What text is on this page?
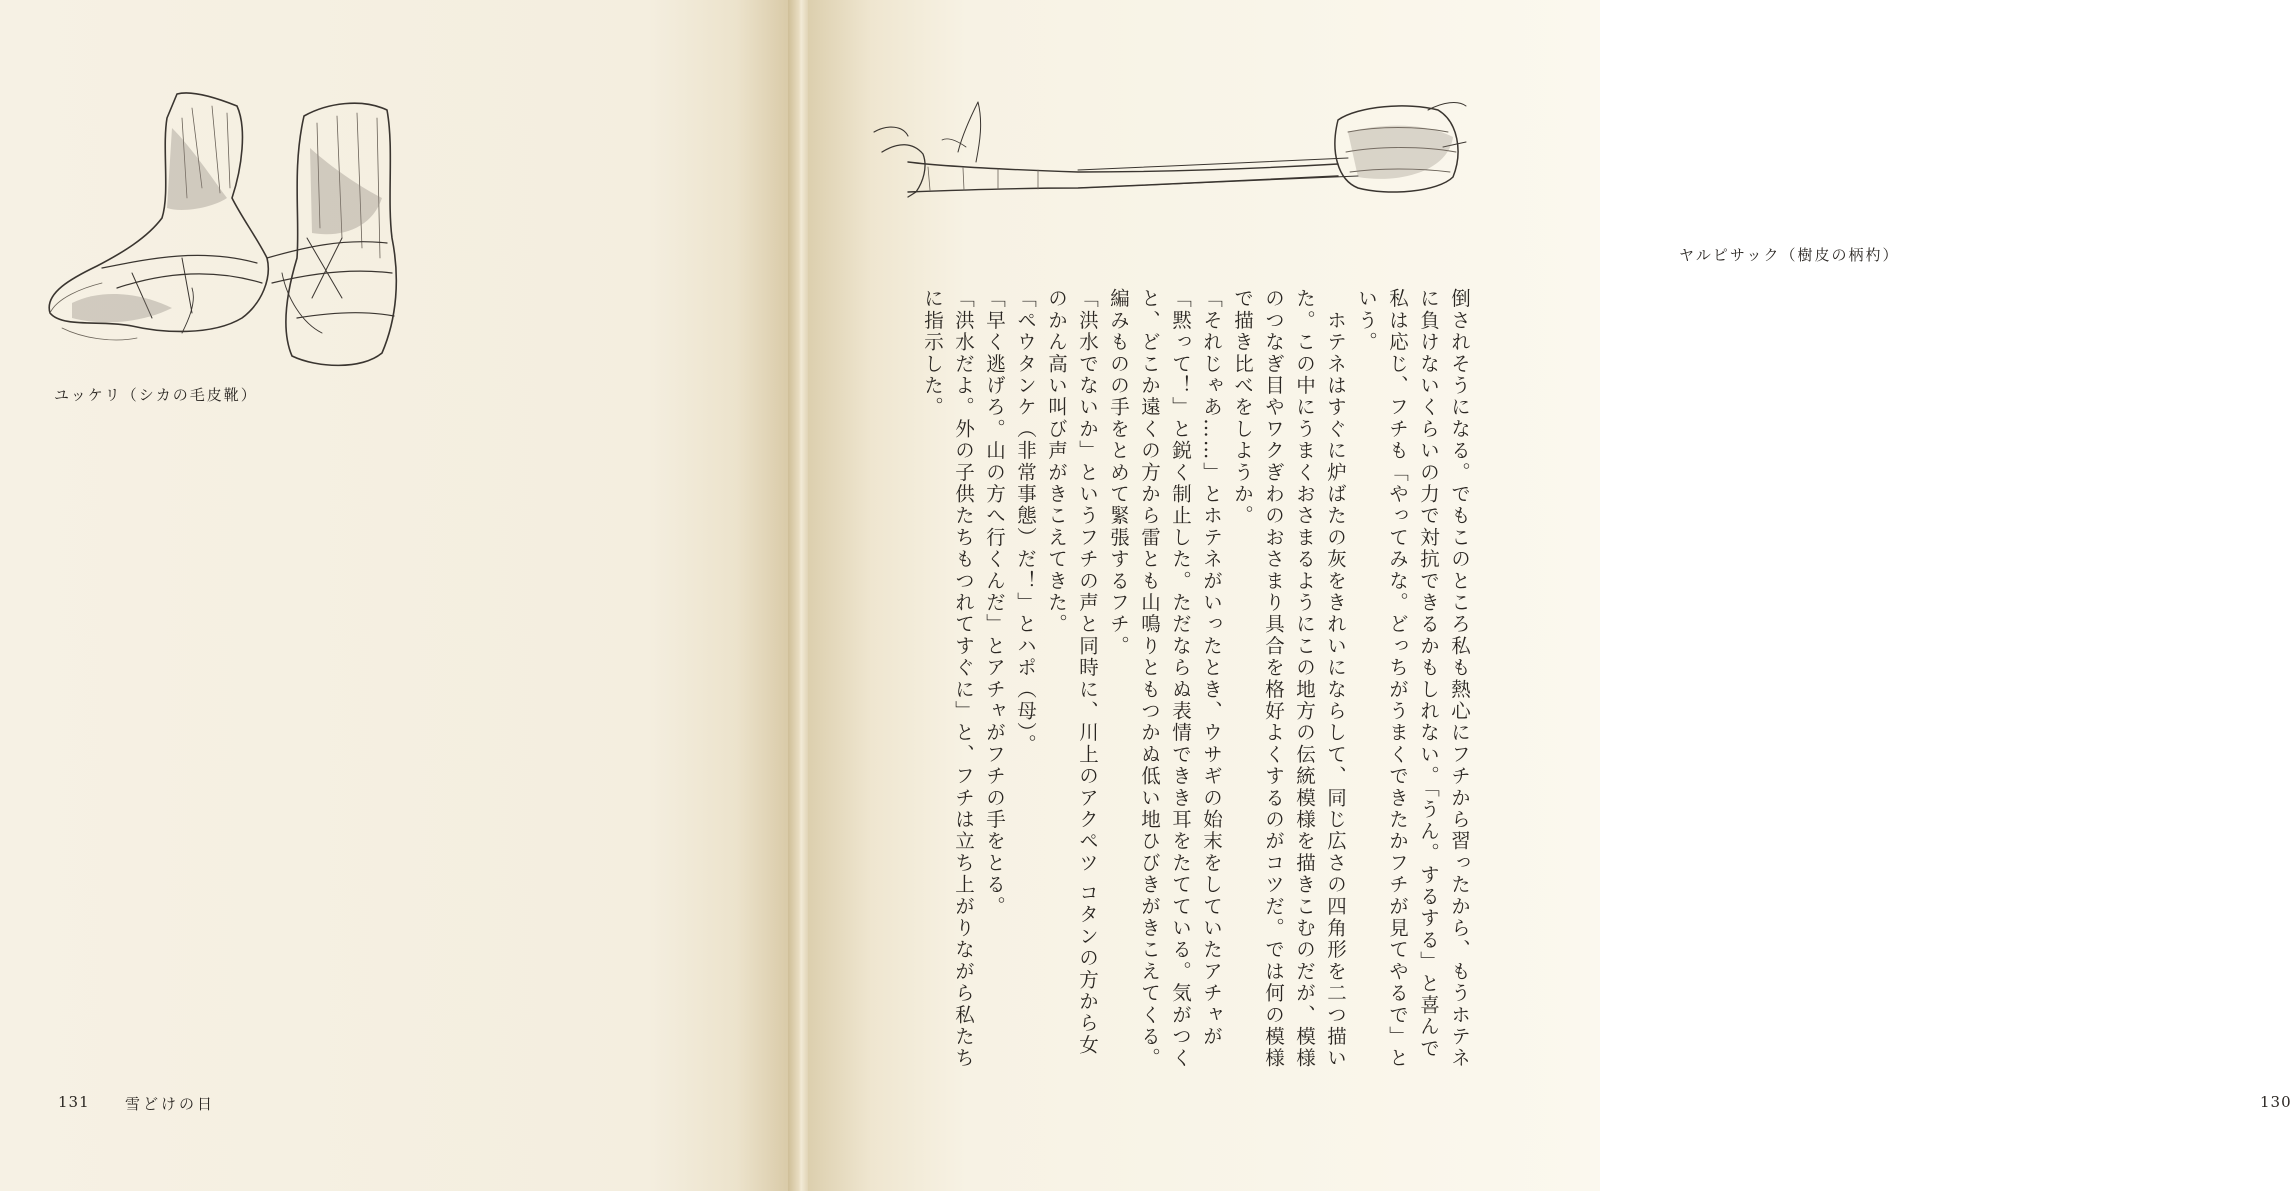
ユッケリ（シカの毛皮靴）
131 雪どけの日
ヤルピサック（樹皮の柄杓）
倒されそうになる。でもこのところ私も熱心にフチから習ったから、もうホテネ
に負けないくらいの力で対抗できるかもしれない。「うん。するする」と喜んで
私は応じ、フチも「やってみな。どっちがうまくできたかフチが見てやるで」と
いう。
　ホテネはすぐに炉ばたの灰をきれいにならして、同じ広さの四角形を二つ描い
た。この中にうまくおさまるようにこの地方の伝統模様を描きこむのだが、模様
のつなぎ目やワクぎわのおさまり具合を格好よくするのがコツだ。では何の模様
で描き比べをしようか。
「それじゃあ……」とホテネがいったとき、ウサギの始末をしていたアチャが
「黙って！」と鋭く制止した。ただならぬ表情できき耳をたてている。気がつく
と、どこか遠くの方から雷とも山鳴りともつかぬ低い地ひびきがきこえてくる。
編みものの手をとめて緊張するフチ。
「洪水でないか」というフチの声と同時に、川上のアクペツ コタンの方から女
のかん高い叫び声がきこえてきた。
「ペウタンケ（非常事態）だ！」とハポ（母）。
「早く逃げろ。山の方へ行くんだ」とアチャがフチの手をとる。
「洪水だよ。外の子供たちもつれてすぐに」と、フチは立ち上がりながら私たち
に指示した。
130
